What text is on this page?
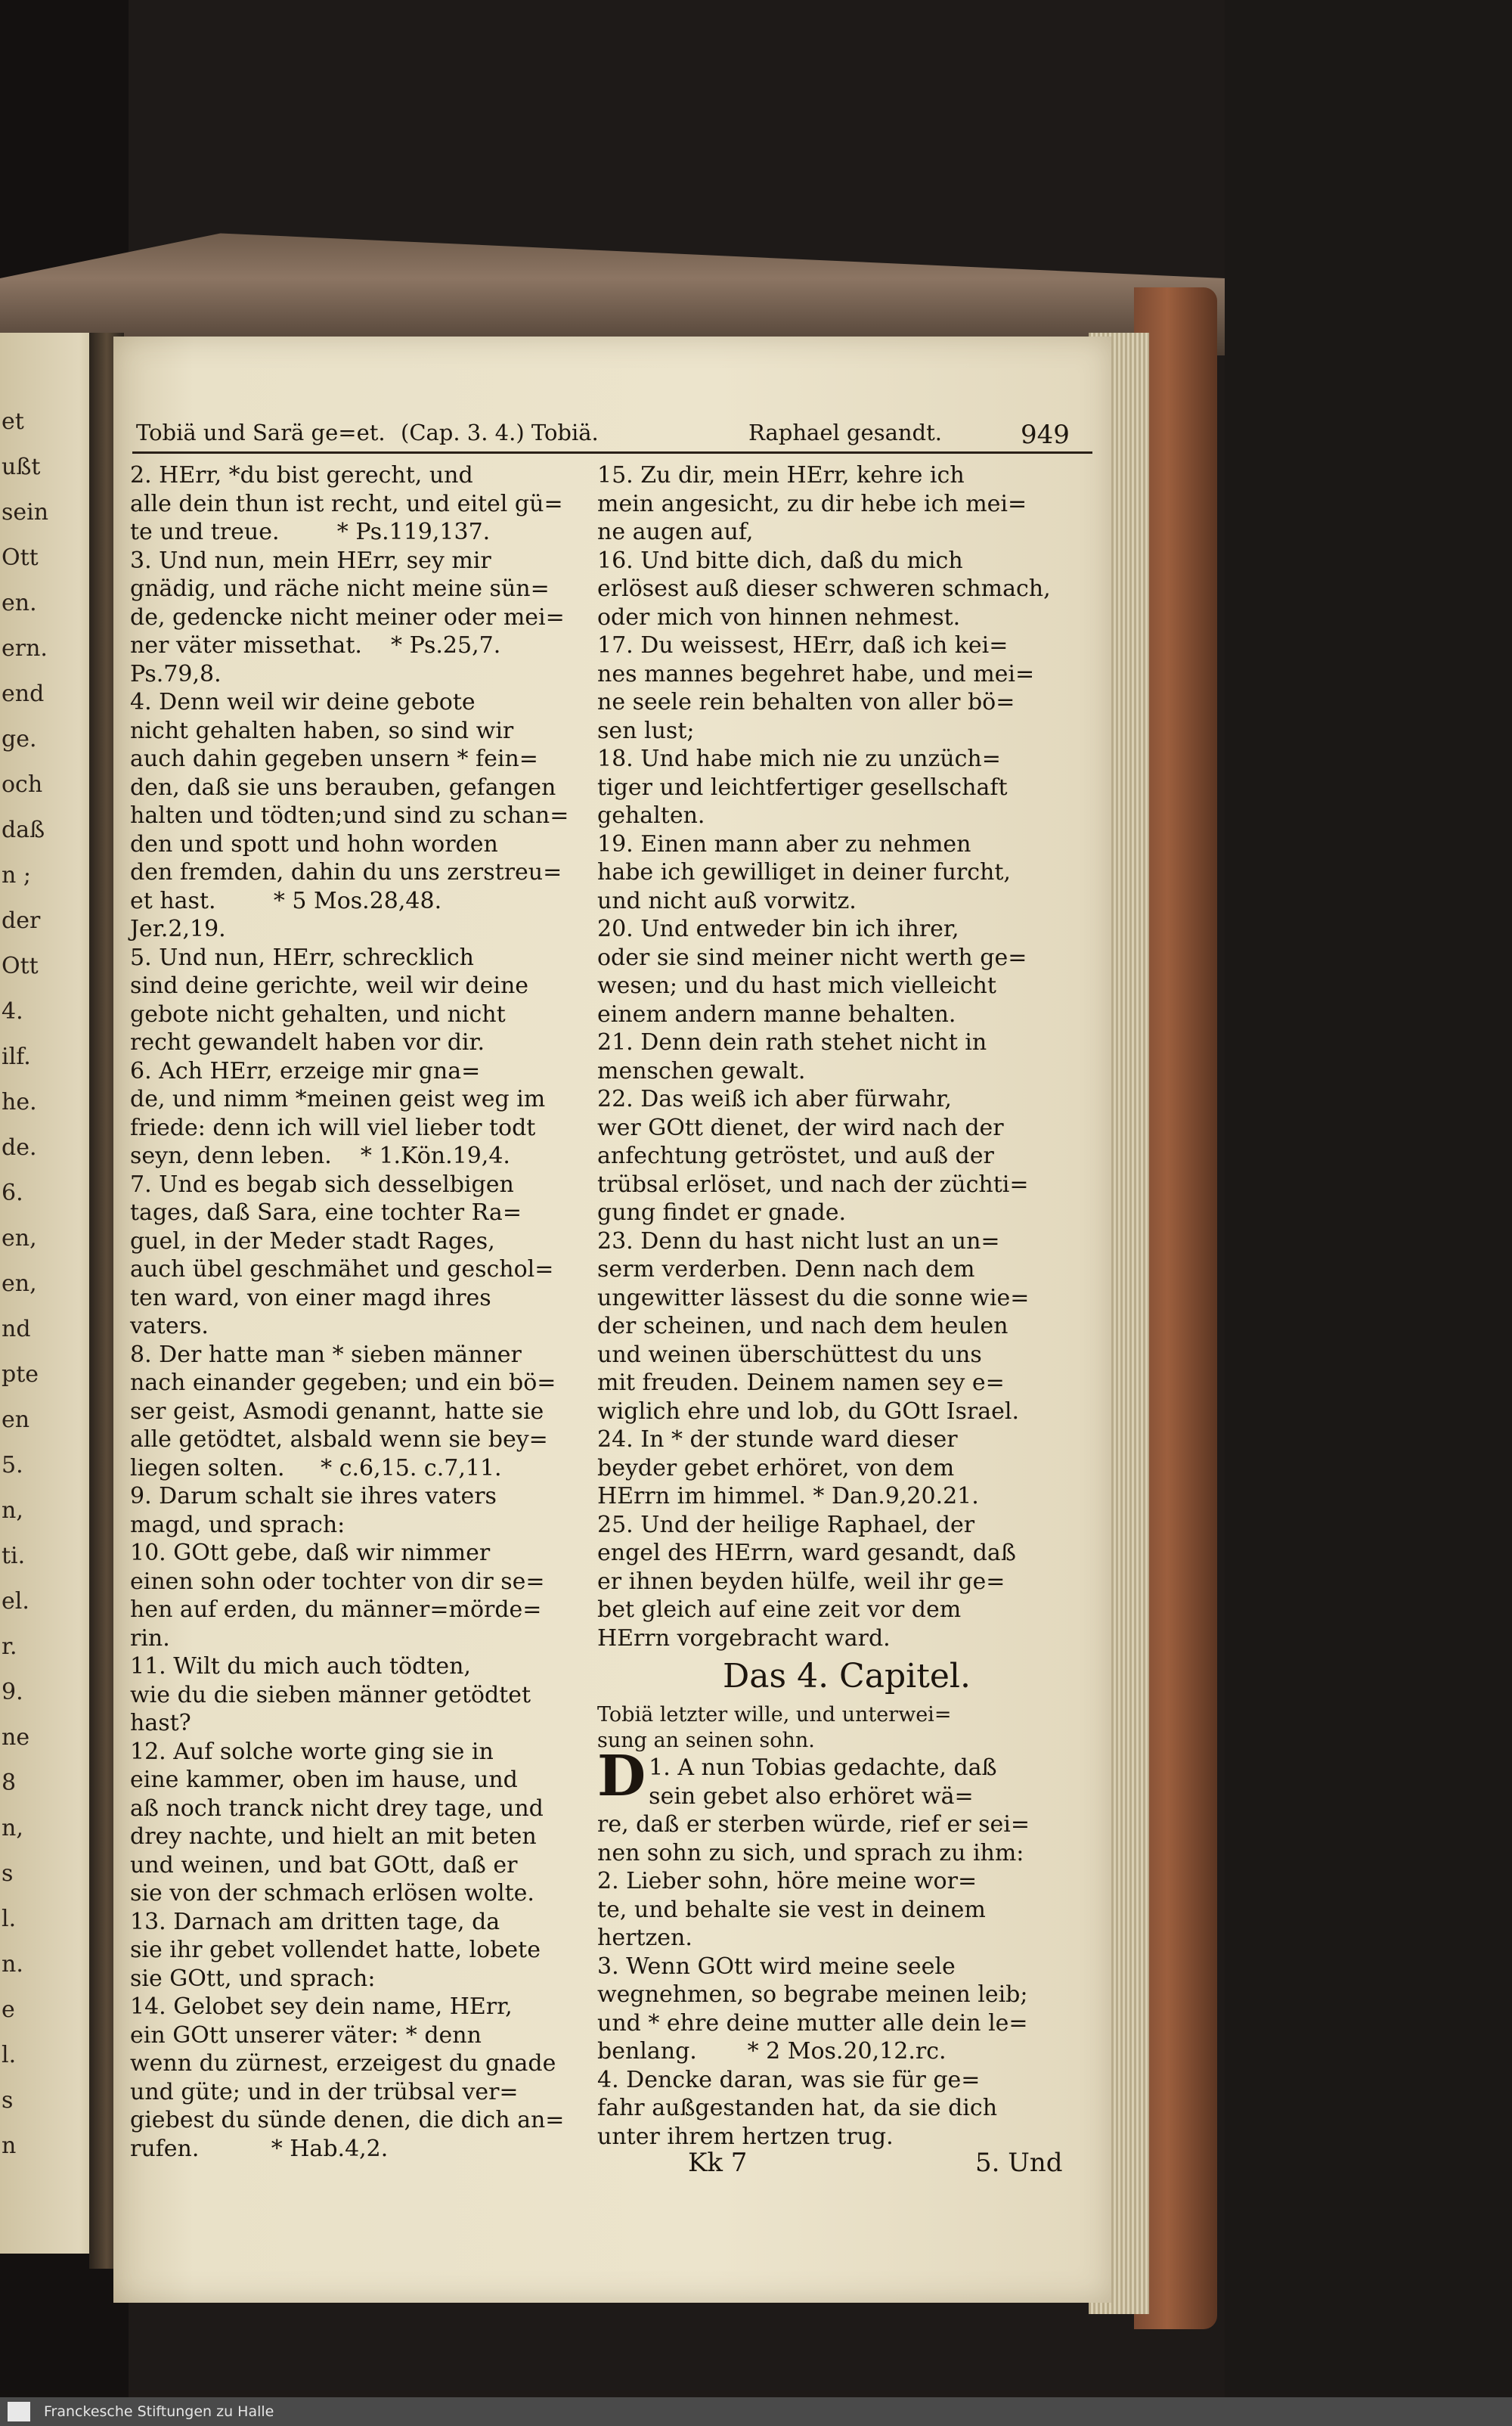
et
ußt
sein
Ott
en.
ern.
end
ge.
och
daß
n ;
der
Ott
4.
ilf.
he.
de.
6.
en,
en,
nd
pte
en
5.
n,
ti.
el.
r.
9.
ne
8
n,
s
l.
n.
e
l.
s
n
Tobiä und Sarä ge=et. (Cap. 3. 4.) Tobiä.	Raphael gesandt.	949

2. HErr, *du bist gerecht, und

alle dein thun ist recht, und eitel gü=

te und treue.        * Ps.119,137.

3. Und nun, mein HErr, sey mir

gnädig, und räche nicht meine sün=

de, gedencke nicht meiner oder mei=

ner väter missethat.    * Ps.25,7.

Ps.79,8.

4. Denn weil wir deine gebote

nicht gehalten haben, so sind wir

auch dahin gegeben unsern * fein=

den, daß sie uns berauben, gefangen

halten und tödten;und sind zu schan=

den und spott und hohn worden

den fremden, dahin du uns zerstreu=

et hast.        * 5 Mos.28,48.

Jer.2,19.

5. Und nun, HErr, schrecklich

sind deine gerichte, weil wir deine

gebote nicht gehalten, und nicht

recht gewandelt haben vor dir.

6. Ach HErr, erzeige mir gna=

de, und nimm *meinen geist weg im

friede: denn ich will viel lieber todt

seyn, denn leben.    * 1.Kön.19,4.

7. Und es begab sich desselbigen

tages, daß Sara, eine tochter Ra=

guel, in der Meder stadt Rages,

auch übel geschmähet und geschol=

ten ward, von einer magd ihres

vaters.

8. Der hatte man * sieben männer

nach einander gegeben; und ein bö=

ser geist, Asmodi genannt, hatte sie

alle getödtet, alsbald wenn sie bey=

liegen solten.     * c.6,15. c.7,11.

9. Darum schalt sie ihres vaters

magd, und sprach:

10. GOtt gebe, daß wir nimmer

einen sohn oder tochter von dir se=

hen auf erden, du männer=mörde=

rin.

11. Wilt du mich auch tödten,

wie du die sieben männer getödtet

hast?

12. Auf solche worte ging sie in

eine kammer, oben im hause, und

aß noch tranck nicht drey tage, und

drey nachte, und hielt an mit beten

und weinen, und bat GOtt, daß er

sie von der schmach erlösen wolte.

13. Darnach am dritten tage, da

sie ihr gebet vollendet hatte, lobete

sie GOtt, und sprach:

14. Gelobet sey dein name, HErr,

ein GOtt unserer väter: * denn

wenn du zürnest, erzeigest du gnade

und güte; und in der trübsal ver=

giebest du sünde denen, die dich an=

rufen.          * Hab.4,2.

15. Zu dir, mein HErr, kehre ich

mein angesicht, zu dir hebe ich mei=

ne augen auf,

16. Und bitte dich, daß du mich

erlösest auß dieser schweren schmach,

oder mich von hinnen nehmest.

17. Du weissest, HErr, daß ich kei=

nes mannes begehret habe, und mei=

ne seele rein behalten von aller bö=

sen lust;

18. Und habe mich nie zu unzüch=

tiger und leichtfertiger gesellschaft

gehalten.

19. Einen mann aber zu nehmen

habe ich gewilliget in deiner furcht,

und nicht auß vorwitz.

20. Und entweder bin ich ihrer,

oder sie sind meiner nicht werth ge=

wesen; und du hast mich vielleicht

einem andern manne behalten.

21. Denn dein rath stehet nicht in

menschen gewalt.

22. Das weiß ich aber fürwahr,

wer GOtt dienet, der wird nach der

anfechtung getröstet, und auß der

trübsal erlöset, und nach der züchti=

gung findet er gnade.

23. Denn du hast nicht lust an un=

serm verderben. Denn nach dem

ungewitter lässest du die sonne wie=

der scheinen, und nach dem heulen

und weinen überschüttest du uns

mit freuden. Deinem namen sey e=

wiglich ehre und lob, du GOtt Israel.

24. In * der stunde ward dieser

beyder gebet erhöret, von dem

HErrn im himmel. * Dan.9,20.21.

25. Und der heilige Raphael, der

engel des HErrn, ward gesandt, daß

er ihnen beyden hülfe, weil ihr ge=

bet gleich auf eine zeit vor dem

HErrn vorgebracht ward.

Das 4. Capitel.

Tobiä letzter wille, und unterwei=

sung an seinen sohn.

D 1. A nun Tobias gedachte, daß

sein gebet also erhöret wä=

re, daß er sterben würde, rief er sei=

nen sohn zu sich, und sprach zu ihm:

2. Lieber sohn, höre meine wor=

te, und behalte sie vest in deinem

hertzen.

3. Wenn GOtt wird meine seele

wegnehmen, so begrabe meinen leib;

und * ehre deine mutter alle dein le=

benlang.       * 2 Mos.20,12.rc.

4. Dencke daran, was sie für ge=

fahr außgestanden hat, da sie dich

unter ihrem hertzen trug.

Kk 7	5. Und
Franckesche Stiftungen zu Halle
